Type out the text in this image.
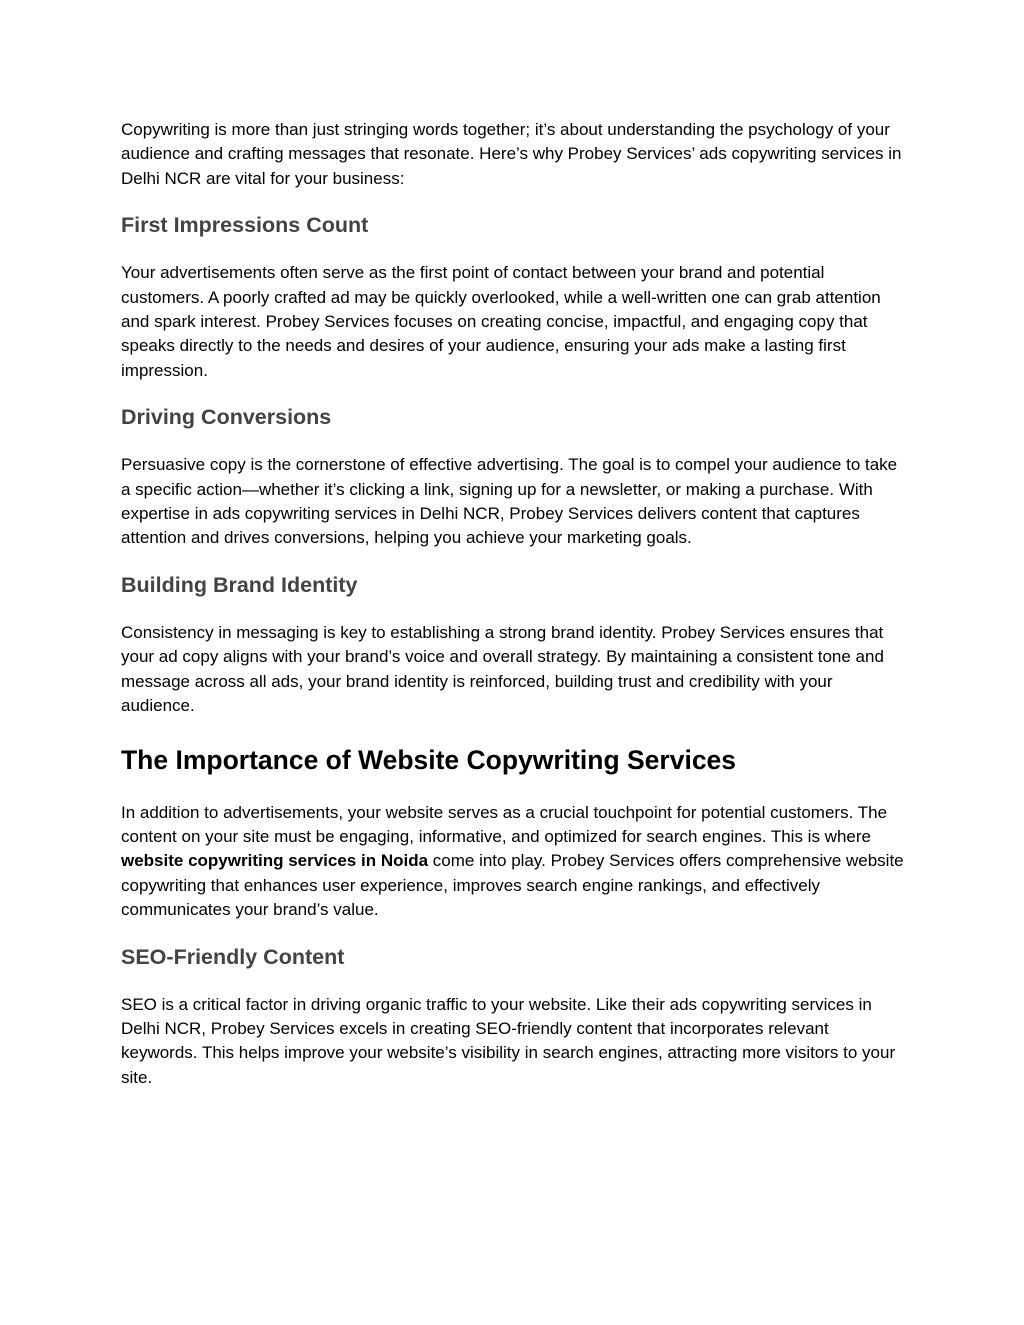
Copywriting is more than just stringing words together; it’s about understanding the psychology of your audience and crafting messages that resonate. Here’s why Probey Services’ ads copywriting services in Delhi NCR are vital for your business:

First Impressions Count

Your advertisements often serve as the first point of contact between your brand and potential customers. A poorly crafted ad may be quickly overlooked, while a well-written one can grab attention and spark interest. Probey Services focuses on creating concise, impactful, and engaging copy that speaks directly to the needs and desires of your audience, ensuring your ads make a lasting first impression.

Driving Conversions

Persuasive copy is the cornerstone of effective advertising. The goal is to compel your audience to take a specific action—whether it’s clicking a link, signing up for a newsletter, or making a purchase. With expertise in ads copywriting services in Delhi NCR, Probey Services delivers content that captures attention and drives conversions, helping you achieve your marketing goals.

Building Brand Identity

Consistency in messaging is key to establishing a strong brand identity. Probey Services ensures that your ad copy aligns with your brand’s voice and overall strategy. By maintaining a consistent tone and message across all ads, your brand identity is reinforced, building trust and credibility with your audience.

The Importance of Website Copywriting Services

In addition to advertisements, your website serves as a crucial touchpoint for potential customers. The content on your site must be engaging, informative, and optimized for search engines. This is where website copywriting services in Noida come into play. Probey Services offers comprehensive website copywriting that enhances user experience, improves search engine rankings, and effectively communicates your brand’s value.

SEO-Friendly Content

SEO is a critical factor in driving organic traffic to your website. Like their ads copywriting services in Delhi NCR, Probey Services excels in creating SEO-friendly content that incorporates relevant keywords. This helps improve your website’s visibility in search engines, attracting more visitors to your site.
